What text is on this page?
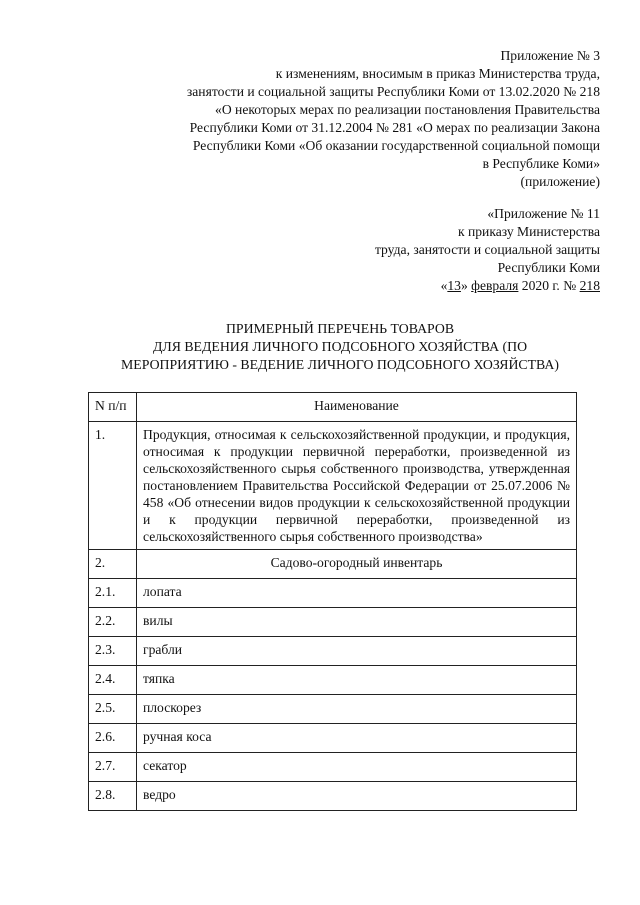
Приложение № 3
к изменениям, вносимым в приказ Министерства труда,
занятости и социальной защиты Республики Коми от 13.02.2020 № 218
«О некоторых мерах по реализации постановления Правительства
Республики Коми от 31.12.2004 № 281 «О мерах по реализации Закона
Республики Коми «Об оказании государственной социальной помощи
в Республике Коми»
(приложение)
«Приложение № 11
к приказу Министерства
труда, занятости и социальной защиты
Республики Коми
«13» февраля 2020 г. № 218
ПРИМЕРНЫЙ ПЕРЕЧЕНЬ ТОВАРОВ
ДЛЯ ВЕДЕНИЯ ЛИЧНОГО ПОДСОБНОГО ХОЗЯЙСТВА (ПО
МЕРОПРИЯТИЮ - ВЕДЕНИЕ ЛИЧНОГО ПОДСОБНОГО ХОЗЯЙСТВА)
N п/п	Наименование
1.	Продукция, относимая к сельскохозяйственной продукции, и продукция, относимая к продукции первичной переработки, произведенной из сельскохозяйственного сырья собственного производства, утвержденная постановлением Правительства Российской Федерации от 25.07.2006 № 458 «Об отнесении видов продукции к сельскохозяйственной продукции и к продукции первичной переработки, произведенной из сельскохозяйственного сырья собственного производства»
2.	Садово-огородный инвентарь
2.1.	лопата
2.2.	вилы
2.3.	грабли
2.4.	тяпка
2.5.	плоскорез
2.6.	ручная коса
2.7.	секатор
2.8.	ведро
